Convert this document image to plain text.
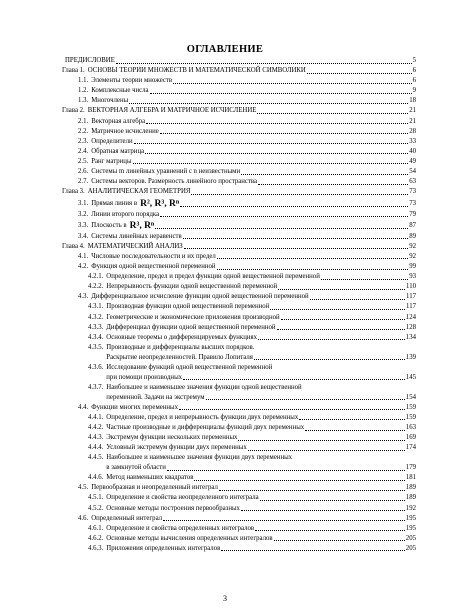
ОГЛАВЛЕНИЕ
ПРЕДИСЛОВИЕ	5
Глава 1. ОСНОВЫ ТЕОРИИ МНОЖЕСТВ И МАТЕМАТИЧЕСКОЙ СИМВОЛИКИ	6
1.1. Элементы теории множеств	6
1.2. Комплексные числа	9
1.3. Многочлены	18
Глава 2. ВЕКТОРНАЯ АЛГЕБРА И МАТРИЧНОЕ ИСЧИСЛЕНИЕ	21
2.1. Векторная алгебра	21
2.2. Матричное исчисление	28
2.3. Определители	33
2.4. Обратная матрица	40
2.5. Ранг матрицы	49
2.6. Системы m линейных уравнений с n неизвестными	54
2.7. Системы векторов. Размерность линейного пространства	63
Глава 3. АНАЛИТИЧЕСКАЯ ГЕОМЕТРИЯ	73
3.1. Прямая линия в R², R³, Rⁿ	73
3.2. Линии второго порядка	79
3.3. Плоскость в R³, Rⁿ	87
3.4. Системы линейных неравенств	89
Глава 4. МАТЕМАТИЧЕСКИЙ АНАЛИЗ	92
4.1. Числовые последовательности и их предел	92
4.2. Функция одной вещественной переменной	99
4.2.1. Определение, предел и предел функции одной вещественной переменной	93
4.2.2. Непрерывность функции одной вещественной переменной	110
4.3. Дифференциальное исчисление функции одной вещественной переменной	117
4.3.1. Производная функции одной вещественной переменной	117
4.3.2. Геометрические и экономические приложения производной	124
4.3.3. Дифференциал функции одной вещественной переменной	128
4.3.4. Основные теоремы о дифференцируемых функциях	134
4.3.5. Производные и дифференциалы высших порядков.
Раскрытие неопределенностей. Правило Лопиталя	139
4.3.6. Исследование функций одной вещественной переменной
при помощи производных	145
4.3.7. Наибольшее и наименьшее значения функции одной вещественной
переменной. Задачи на экстремум	154
4.4. Функции многих переменных	159
4.4.1. Определение, предел и непрерывность функции двух переменных	159
4.4.2. Частные производные и дифференциалы функций двух переменных	163
4.4.3. Экстремум функции нескольких переменных	169
4.4.4. Условный экстремум функции двух переменных	174
4.4.5. Наибольшее и наименьшее значения функции двух переменных
в замкнутой области	179
4.4.6. Метод наименьших квадратов	181
4.5. Первообразная и неопределенный интеграл	189
4.5.1. Определение и свойства неопределенного интеграла	189
4.5.2. Основные методы построения первообразных	192
4.6. Определенный интеграл	195
4.6.1. Определение и свойства определенных интегралов	195
4.6.2. Основные методы вычисления определенных интегралов	205
4.6.3. Приложения определенных интегралов	205
3
